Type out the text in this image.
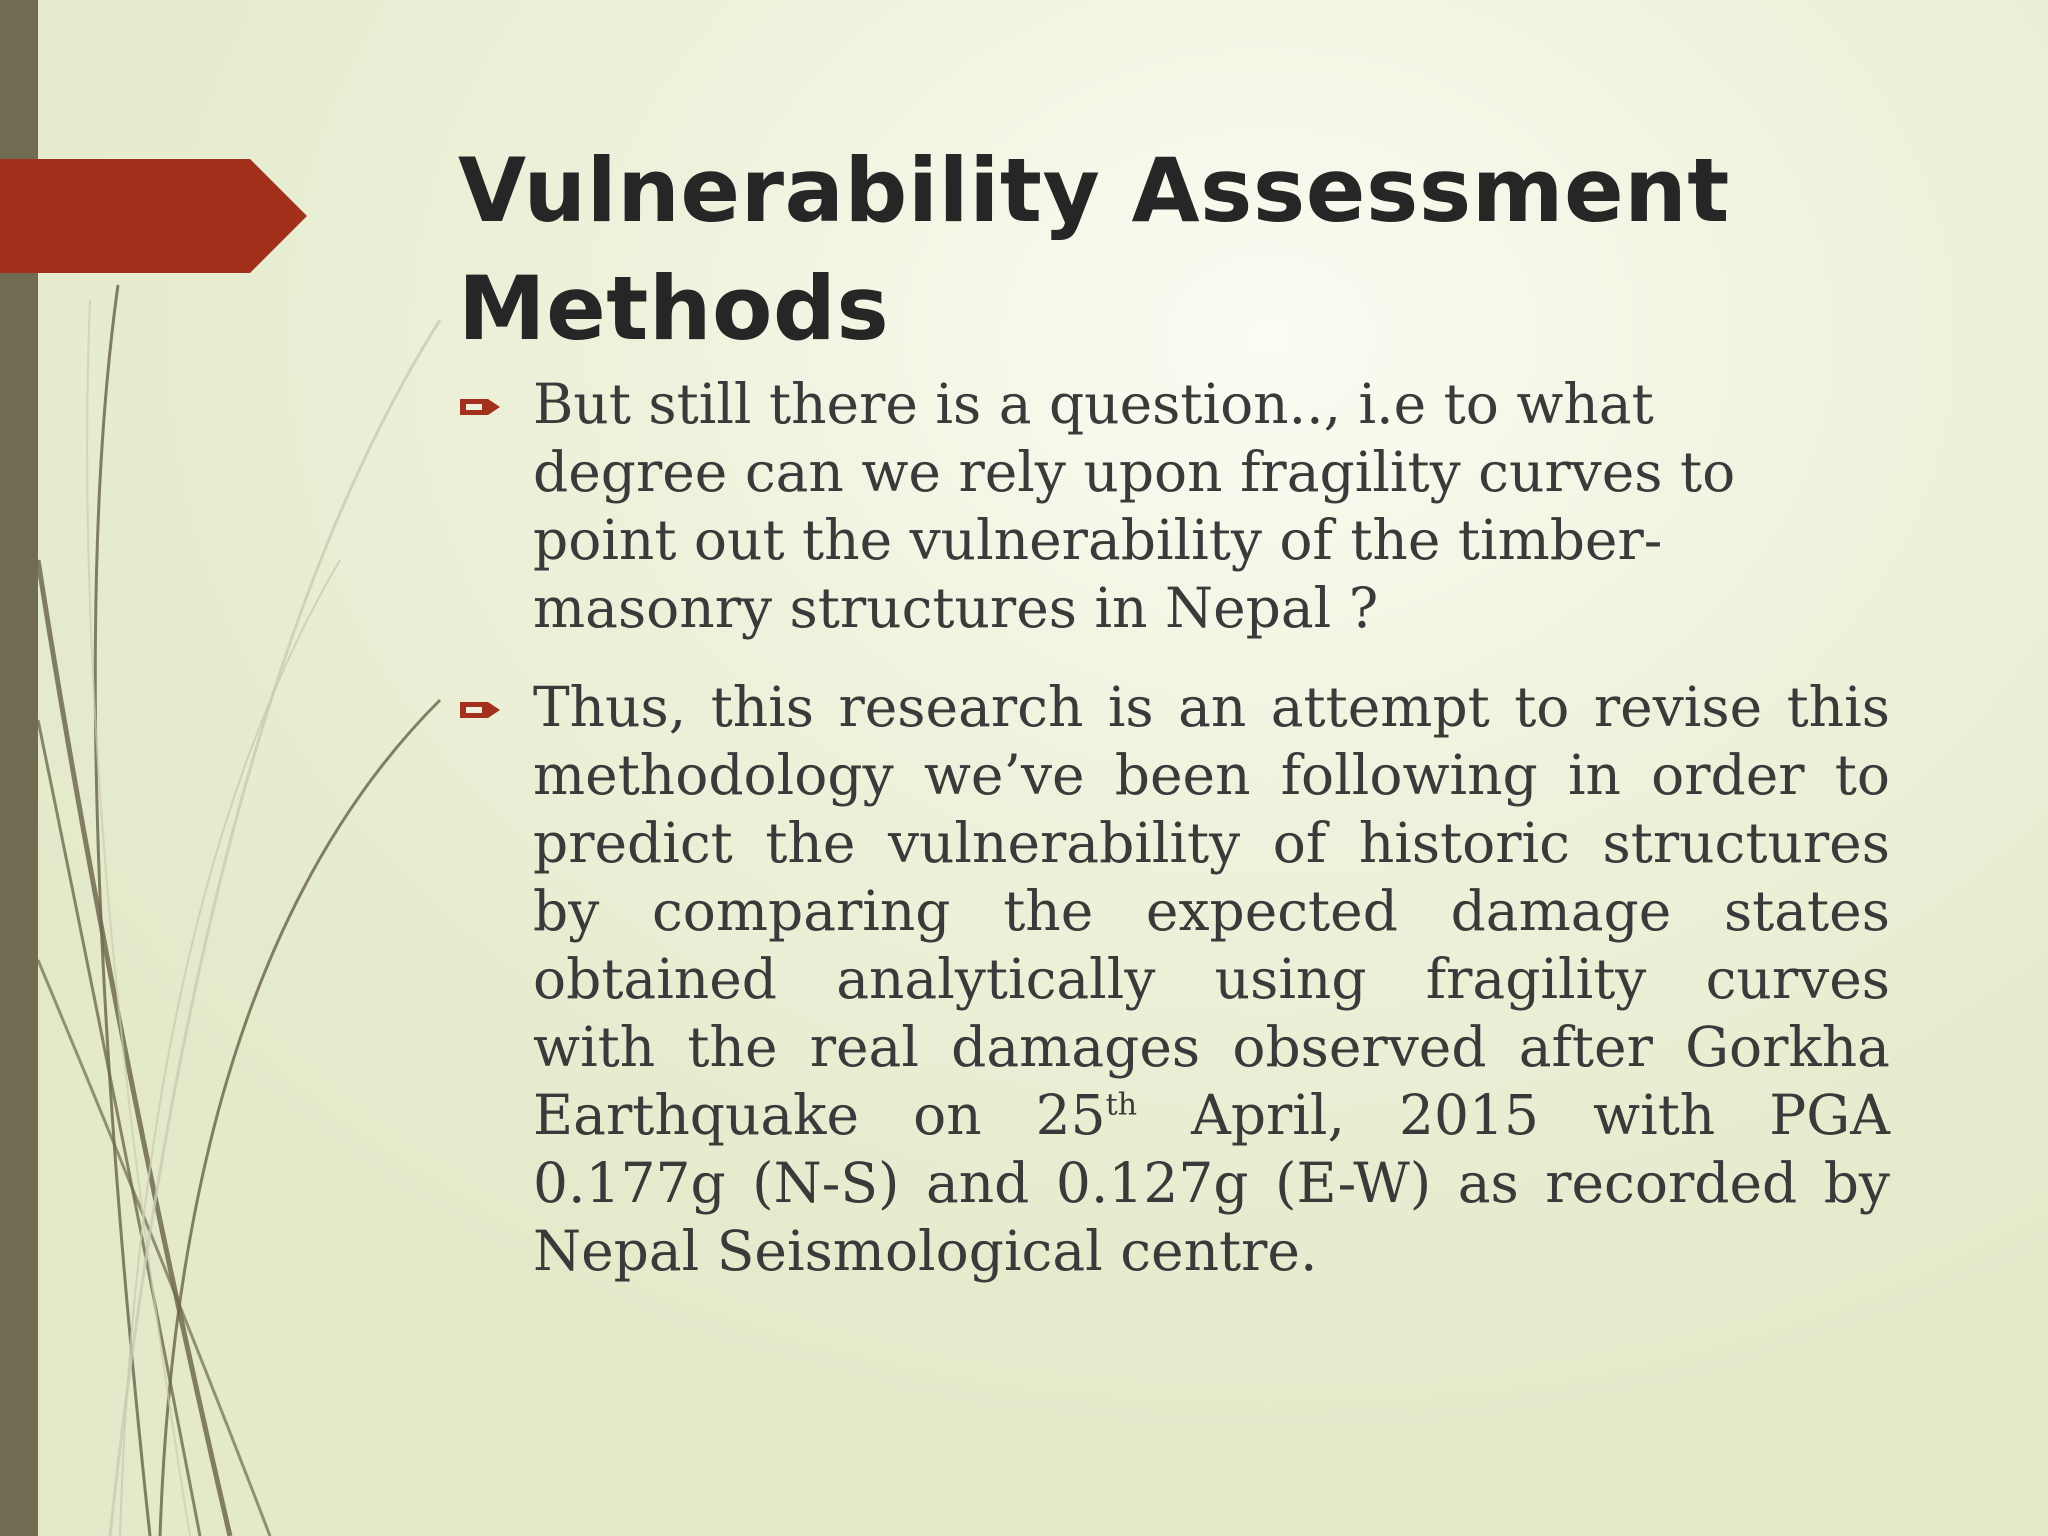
Vulnerability Assessment
Methods
But still there is a question.., i.e to what
degree can we rely upon fragility curves to
point out the vulnerability of the timber-
masonry structures in Nepal ?
Thus, this research is an attempt to revise this
methodology we’ve been following in order to
predict the vulnerability of historic structures
by comparing the expected damage states
obtained analytically using fragility curves
with the real damages observed after Gorkha
Earthquake on 25th April, 2015 with PGA
0.177g (N-S) and 0.127g (E-W) as recorded by
Nepal Seismological centre.
